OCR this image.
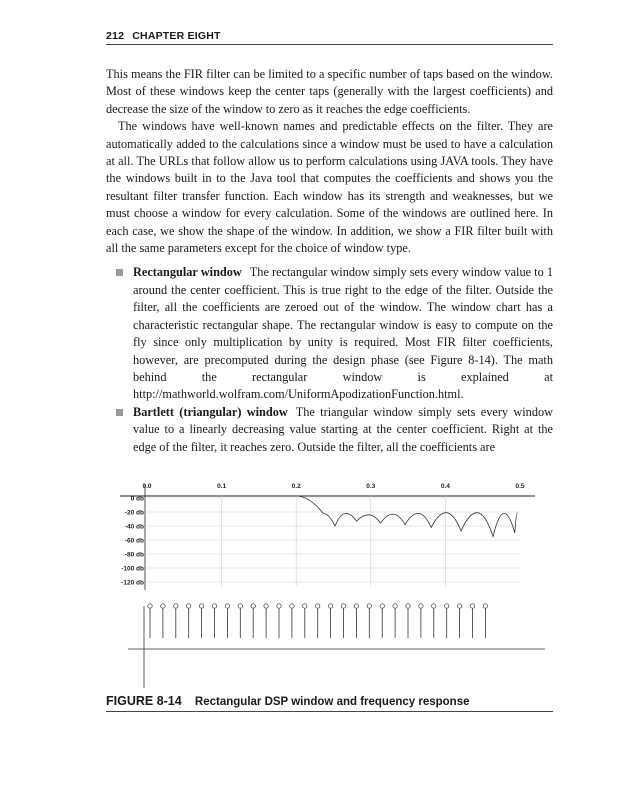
212 CHAPTER EIGHT

This means the FIR filter can be limited to a specific number of taps based on the window. Most of these windows keep the center taps (generally with the largest coefficients) and decrease the size of the window to zero as it reaches the edge coefficients.

The windows have well-known names and predictable effects on the filter. They are automatically added to the calculations since a window must be used to have a calculation at all. The URLs that follow allow us to perform calculations using JAVA tools. They have the windows built in to the Java tool that computes the coefficients and shows you the resultant filter transfer function. Each window has its strength and weaknesses, but we must choose a window for every calculation. Some of the windows are outlined here. In each case, we show the shape of the window. In addition, we show a FIR filter built with all the same parameters except for the choice of window type.

Rectangular window The rectangular window simply sets every window value to 1 around the center coefficient. This is true right to the edge of the filter. Outside the filter, all the coefficients are zeroed out of the window. The window chart has a characteristic rectangular shape. The rectangular window is easy to compute on the fly since only multiplication by unity is required. Most FIR filter coefficients, however, are precomputed during the design phase (see Figure 8-14). The math behind the rectangular window is explained at http://mathworld.wolfram.com/UniformApodizationFunction.html.
Bartlett (triangular) window The triangular window simply sets every window value to a linearly decreasing value starting at the center coefficient. Right at the edge of the filter, it reaches zero. Outside the filter, all the coefficients are
0.0	0.1	0.2	0.3	0.4	0.5
0 db
-20 db
-40 db
-60 db
-80 db
-100 db
-120 db
FIGURE 8-14 Rectangular DSP window and frequency response
